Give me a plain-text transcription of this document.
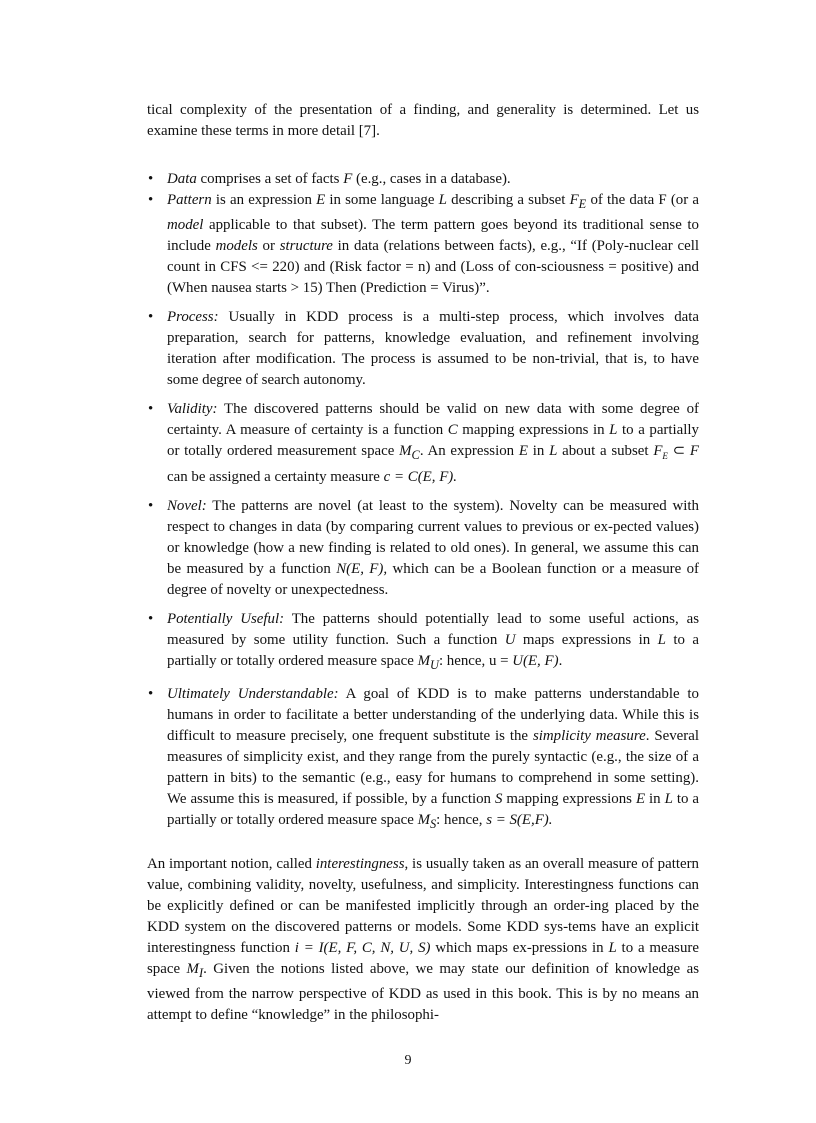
tical complexity of the presentation of a finding, and generality is determined. Let us examine these terms in more detail [7].

• Data comprises a set of facts F (e.g., cases in a database).
• Pattern is an expression E in some language L describing a subset $F_E$ of the data F (or a model applicable to that subset). The term pattern goes beyond its traditional sense to include models or structure in data (relations between facts), e.g., “If (Poly-nuclear cell count in CFS <= 220) and (Risk factor = n) and (Loss of con-sciousness = positive) and (When nausea starts > 15) Then (Prediction = Virus)”.
• Process: Usually in KDD process is a multi-step process, which involves data preparation, search for patterns, knowledge evaluation, and refinement involving iteration after modification. The process is assumed to be non-trivial, that is, to have some degree of search autonomy.
• Validity: The discovered patterns should be valid on new data with some degree of certainty. A measure of certainty is a function C mapping expressions in L to a partially or totally ordered measurement space $M_C$. An expression E in L about a subset $F_E$ ⊂ F can be assigned a certainty measure c = C(E, F).
• Novel: The patterns are novel (at least to the system). Novelty can be measured with respect to changes in data (by comparing current values to previous or ex-pected values) or knowledge (how a new finding is related to old ones). In general, we assume this can be measured by a function N(E, F), which can be a Boolean function or a measure of degree of novelty or unexpectedness.
• Potentially Useful: The patterns should potentially lead to some useful actions, as measured by some utility function. Such a function U maps expressions in L to a partially or totally ordered measure space $M_U$: hence, u = U(E, F).
• Ultimately Understandable: A goal of KDD is to make patterns understandable to humans in order to facilitate a better understanding of the underlying data. While this is difficult to measure precisely, one frequent substitute is the simplicity measure. Several measures of simplicity exist, and they range from the purely syntactic (e.g., the size of a pattern in bits) to the semantic (e.g., easy for humans to comprehend in some setting). We assume this is measured, if possible, by a function S mapping expressions E in L to a partially or totally ordered measure space $M_S$: hence, s = S(E,F).

An important notion, called interestingness, is usually taken as an overall measure of pattern value, combining validity, novelty, usefulness, and simplicity. Interestingness functions can be explicitly defined or can be manifested implicitly through an order-ing placed by the KDD system on the discovered patterns or models. Some KDD sys-tems have an explicit interestingness function i = I(E, F, C, N, U, S) which maps ex-pressions in L to a measure space $M_I$. Given the notions listed above, we may state our definition of knowledge as viewed from the narrow perspective of KDD as used in this book. This is by no means an attempt to define “knowledge” in the philosophi-

9
